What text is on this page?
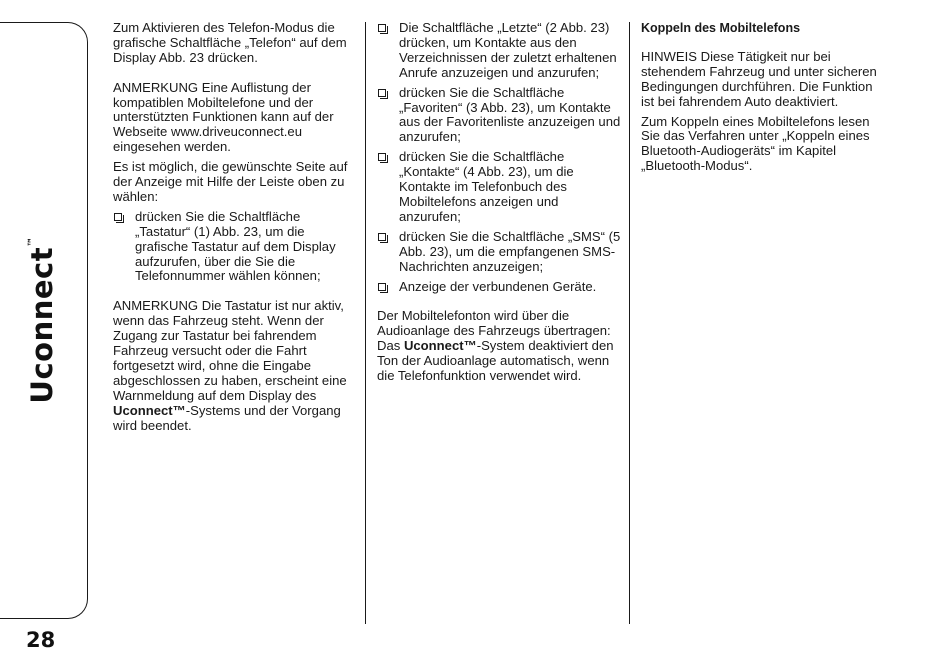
Uconnect™
28

Zum Aktivieren des Telefon-Modus die grafische Schaltfläche „Telefon“ auf dem Display Abb. 23 drücken.

ANMERKUNG Eine Auflistung der kompatiblen Mobiltelefone und der unterstützten Funktionen kann auf der Webseite www.driveuconnect.eu eingesehen werden.

Es ist möglich, die gewünschte Seite auf der Anzeige mit Hilfe der Leiste oben zu wählen:

drücken Sie die Schaltfläche „Tastatur“ (1) Abb. 23, um die grafische Tastatur auf dem Display aufzurufen, über die Sie die Telefonnummer wählen können;

ANMERKUNG Die Tastatur ist nur aktiv, wenn das Fahrzeug steht. Wenn der Zugang zur Tastatur bei fahrendem Fahrzeug versucht oder die Fahrt fortgesetzt wird, ohne die Eingabe abgeschlossen zu haben, erscheint eine Warnmeldung auf dem Display des Uconnect™-Systems und der Vorgang wird beendet.

Die Schaltfläche „Letzte“ (2 Abb. 23) drücken, um Kontakte aus den Verzeichnissen der zuletzt erhaltenen Anrufe anzuzeigen und anzurufen;
drücken Sie die Schaltfläche „Favoriten“ (3 Abb. 23), um Kontakte aus der Favoritenliste anzuzeigen und anzurufen;
drücken Sie die Schaltfläche „Kontakte“ (4 Abb. 23), um die Kontakte im Telefonbuch des Mobiltelefons anzeigen und anzurufen;
drücken Sie die Schaltfläche „SMS“ (5 Abb. 23), um die empfangenen SMS-Nachrichten anzuzeigen;
Anzeige der verbundenen Geräte.

Der Mobiltelefonton wird über die Audioanlage des Fahrzeugs übertragen: Das Uconnect™-System deaktiviert den Ton der Audioanlage automatisch, wenn die Telefonfunktion verwendet wird.

Koppeln des Mobiltelefons

HINWEIS Diese Tätigkeit nur bei stehendem Fahrzeug und unter sicheren Bedingungen durchführen. Die Funktion ist bei fahrendem Auto deaktiviert.

Zum Koppeln eines Mobiltelefons lesen Sie das Verfahren unter „Koppeln eines Bluetooth-Audiogeräts“ im Kapitel „Bluetooth-Modus“.
